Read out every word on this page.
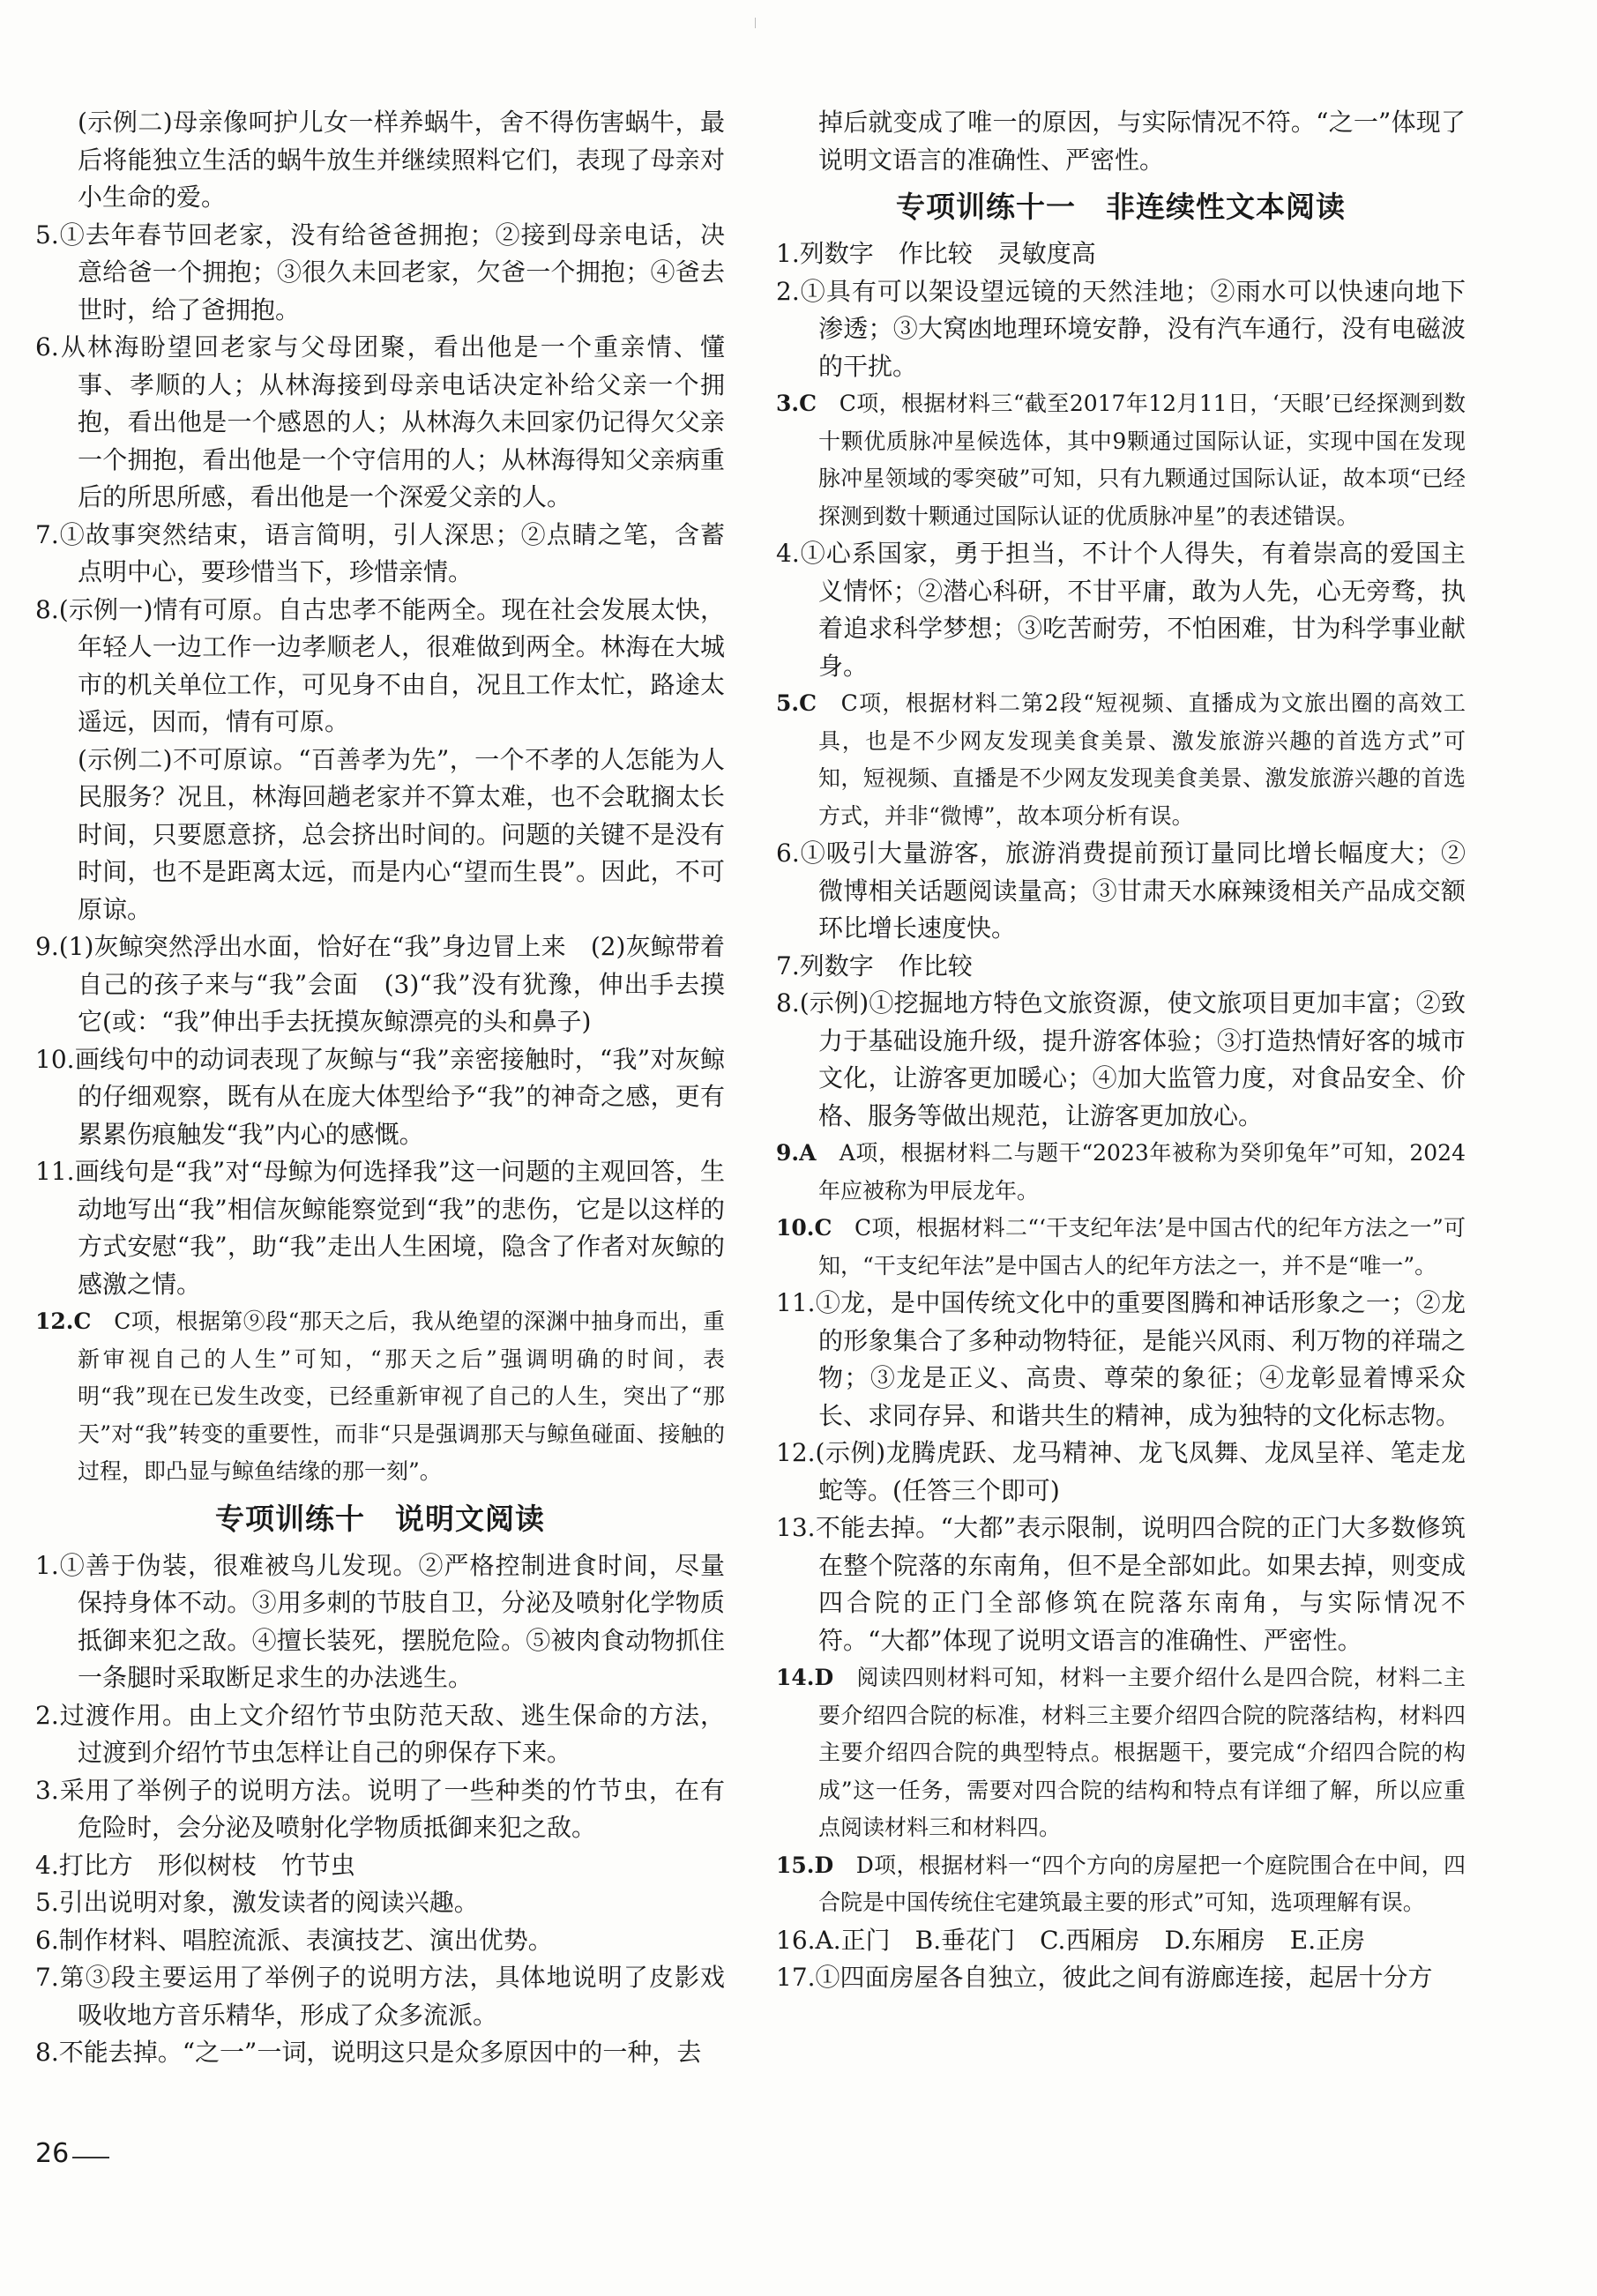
(示例二)母亲像呵护儿女一样养蜗牛，舍不得伤害蜗牛，最后将能独立生活的蜗牛放生并继续照料它们，表现了母亲对小生命的爱。

5.①去年春节回老家，没有给爸爸拥抱；②接到母亲电话，决意给爸一个拥抱；③很久未回老家，欠爸一个拥抱；④爸去世时，给了爸拥抱。

6.从林海盼望回老家与父母团聚，看出他是一个重亲情、懂事、孝顺的人；从林海接到母亲电话决定补给父亲一个拥抱，看出他是一个感恩的人；从林海久未回家仍记得欠父亲一个拥抱，看出他是一个守信用的人；从林海得知父亲病重后的所思所感，看出他是一个深爱父亲的人。

7.①故事突然结束，语言简明，引人深思；②点睛之笔，含蓄点明中心，要珍惜当下，珍惜亲情。

8.(示例一)情有可原。自古忠孝不能两全。现在社会发展太快，年轻人一边工作一边孝顺老人，很难做到两全。林海在大城市的机关单位工作，可见身不由自，况且工作太忙，路途太遥远，因而，情有可原。

(示例二)不可原谅。“百善孝为先”，一个不孝的人怎能为人民服务？况且，林海回趟老家并不算太难，也不会耽搁太长时间，只要愿意挤，总会挤出时间的。问题的关键不是没有时间，也不是距离太远，而是内心“望而生畏”。因此，不可原谅。

9.(1)灰鲸突然浮出水面，恰好在“我”身边冒上来　(2)灰鲸带着自己的孩子来与“我”会面　(3)“我”没有犹豫，伸出手去摸它(或：“我”伸出手去抚摸灰鲸漂亮的头和鼻子)

10.画线句中的动词表现了灰鲸与“我”亲密接触时，“我”对灰鲸的仔细观察，既有从在庞大体型给予“我”的神奇之感，更有累累伤痕触发“我”内心的感慨。

11.画线句是“我”对“母鲸为何选择我”这一问题的主观回答，生动地写出“我”相信灰鲸能察觉到“我”的悲伤，它是以这样的方式安慰“我”，助“我”走出人生困境，隐含了作者对灰鲸的感激之情。

12.C　C项，根据第⑨段“那天之后，我从绝望的深渊中抽身而出，重新审视自己的人生”可知，“那天之后”强调明确的时间，表明“我”现在已发生改变，已经重新审视了自己的人生，突出了“那天”对“我”转变的重要性，而非“只是强调那天与鲸鱼碰面、接触的过程，即凸显与鲸鱼结缘的那一刻”。

专项训练十　说明文阅读

1.①善于伪装，很难被鸟儿发现。②严格控制进食时间，尽量保持身体不动。③用多刺的节肢自卫，分泌及喷射化学物质抵御来犯之敌。④擅长装死，摆脱危险。⑤被肉食动物抓住一条腿时采取断足求生的办法逃生。

2.过渡作用。由上文介绍竹节虫防范天敌、逃生保命的方法，过渡到介绍竹节虫怎样让自己的卵保存下来。

3.采用了举例子的说明方法。说明了一些种类的竹节虫，在有危险时，会分泌及喷射化学物质抵御来犯之敌。

4.打比方　形似树枝　竹节虫

5.引出说明对象，激发读者的阅读兴趣。

6.制作材料、唱腔流派、表演技艺、演出优势。

7.第③段主要运用了举例子的说明方法，具体地说明了皮影戏吸收地方音乐精华，形成了众多流派。

8.不能去掉。“之一”一词，说明这只是众多原因中的一种，去

掉后就变成了唯一的原因，与实际情况不符。“之一”体现了说明文语言的准确性、严密性。

专项训练十一　非连续性文本阅读

1.列数字　作比较　灵敏度高

2.①具有可以架设望远镜的天然洼地；②雨水可以快速向地下渗透；③大窝凼地理环境安静，没有汽车通行，没有电磁波的干扰。

3.C　C项，根据材料三“截至2017年12月11日，‘天眼’已经探测到数十颗优质脉冲星候选体，其中9颗通过国际认证，实现中国在发现脉冲星领域的零突破”可知，只有九颗通过国际认证，故本项“已经探测到数十颗通过国际认证的优质脉冲星”的表述错误。

4.①心系国家，勇于担当，不计个人得失，有着崇高的爱国主义情怀；②潜心科研，不甘平庸，敢为人先，心无旁骛，执着追求科学梦想；③吃苦耐劳，不怕困难，甘为科学事业献身。

5.C　C项，根据材料二第2段“短视频、直播成为文旅出圈的高效工具，也是不少网友发现美食美景、激发旅游兴趣的首选方式”可知，短视频、直播是不少网友发现美食美景、激发旅游兴趣的首选方式，并非“微博”，故本项分析有误。

6.①吸引大量游客，旅游消费提前预订量同比增长幅度大；②微博相关话题阅读量高；③甘肃天水麻辣烫相关产品成交额环比增长速度快。

7.列数字　作比较

8.(示例)①挖掘地方特色文旅资源，使文旅项目更加丰富；②致力于基础设施升级，提升游客体验；③打造热情好客的城市文化，让游客更加暖心；④加大监管力度，对食品安全、价格、服务等做出规范，让游客更加放心。

9.A　A项，根据材料二与题干“2023年被称为癸卯兔年”可知，2024年应被称为甲辰龙年。

10.C　C项，根据材料二“‘干支纪年法’是中国古代的纪年方法之一”可知，“干支纪年法”是中国古人的纪年方法之一，并不是“唯一”。

11.①龙，是中国传统文化中的重要图腾和神话形象之一；②龙的形象集合了多种动物特征，是能兴风雨、利万物的祥瑞之物；③龙是正义、高贵、尊荣的象征；④龙彰显着博采众长、求同存异、和谐共生的精神，成为独特的文化标志物。

12.(示例)龙腾虎跃、龙马精神、龙飞凤舞、龙凤呈祥、笔走龙蛇等。(任答三个即可)

13.不能去掉。“大都”表示限制，说明四合院的正门大多数修筑在整个院落的东南角，但不是全部如此。如果去掉，则变成四合院的正门全部修筑在院落东南角，与实际情况不符。“大都”体现了说明文语言的准确性、严密性。

14.D　阅读四则材料可知，材料一主要介绍什么是四合院，材料二主要介绍四合院的标准，材料三主要介绍四合院的院落结构，材料四主要介绍四合院的典型特点。根据题干，要完成“介绍四合院的构成”这一任务，需要对四合院的结构和特点有详细了解，所以应重点阅读材料三和材料四。

15.D　D项，根据材料一“四个方向的房屋把一个庭院围合在中间，四合院是中国传统住宅建筑最主要的形式”可知，选项理解有误。

16.A.正门　B.垂花门　C.西厢房　D.东厢房　E.正房

17.①四面房屋各自独立，彼此之间有游廊连接，起居十分方

26
